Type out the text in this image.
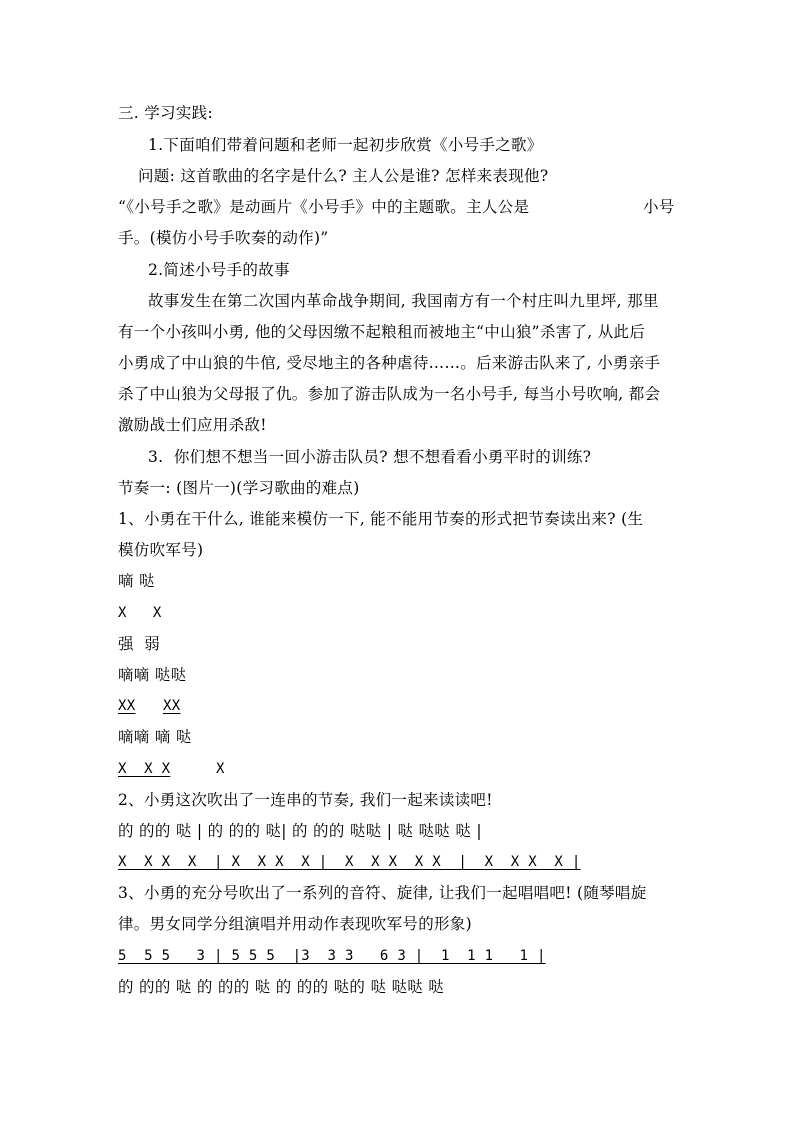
三. 学习实践:
1.下面咱们带着问题和老师一起初步欣赏《小号手之歌》
问题: 这首歌曲的名字是什么? 主人公是谁? 怎样来表现他?
“《小号手之歌》是动画片《小号手》中的主题歌。主人公是	小号
手。(模仿小号手吹奏的动作)”
2.简述小号手的故事
故事发生在第二次国内革命战争期间, 我国南方有一个村庄叫九里坪, 那里
有一个小孩叫小勇, 他的父母因缴不起粮租而被地主“中山狼”杀害了, 从此后
小勇成了中山狼的牛倌, 受尽地主的各种虐待……。后来游击队来了, 小勇亲手
杀了中山狼为父母报了仇。参加了游击队成为一名小号手, 每当小号吹响, 都会
激励战士们应用杀敌!
3.  你们想不想当一回小游击队员? 想不想看看小勇平时的训练?
节奏一: (图片一)(学习歌曲的难点)
1、小勇在干什么, 谁能来模仿一下, 能不能用节奏的形式把节奏读出来? (生
模仿吹军号)
嘀 哒
X   X
强  弱
嘀嘀 哒哒
XX XX
嘀嘀 嘀 哒
X  X X	X
2、小勇这次吹出了一连串的节奏, 我们一起来读读吧!
的 的的 哒 | 的 的的 哒| 的 的的 哒哒 | 哒 哒哒 哒 |
X  X X  X  | X  X X  X |  X  X X  X X  |  X  X X  X |
3、小勇的充分号吹出了一系列的音符、旋律, 让我们一起唱唱吧! (随琴唱旋
律。男女同学分组演唱并用动作表现吹军号的形象)
5  5 5   3 | 5 5 5  |3  3 3   6 3 |  1  1 1   1 |
的 的的 哒 的 的的 哒 的 的的 哒的 哒 哒哒 哒
